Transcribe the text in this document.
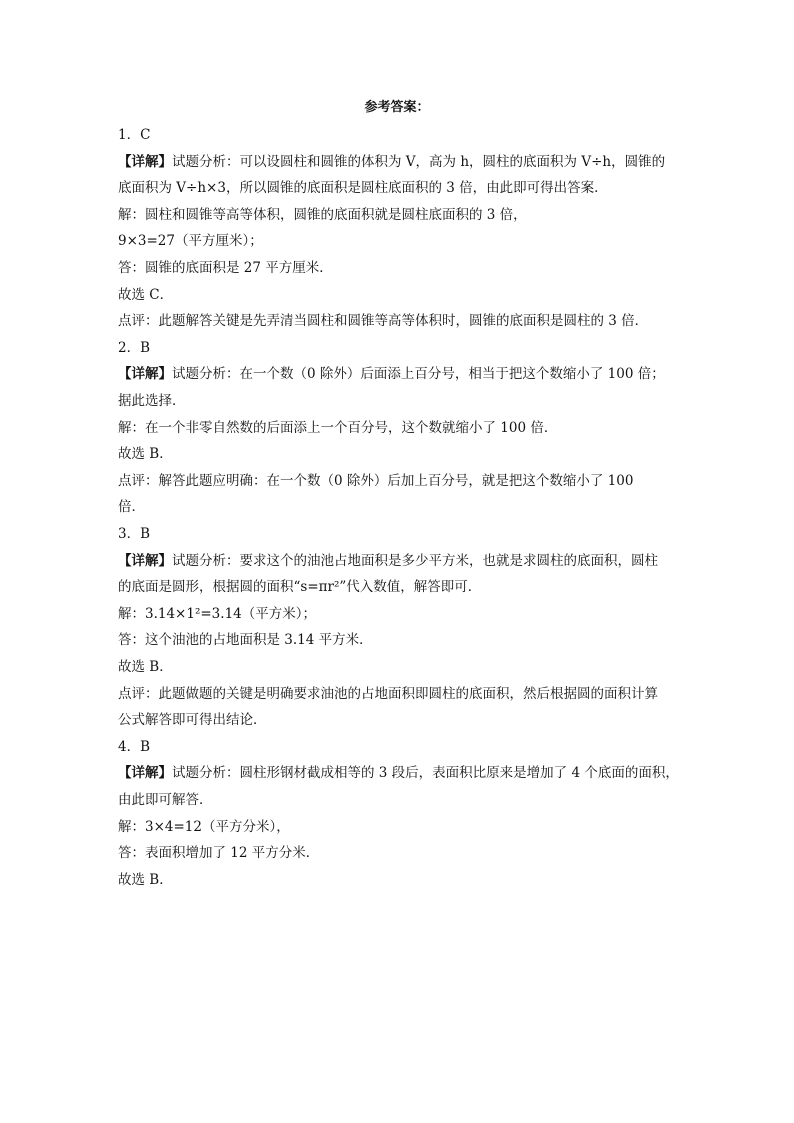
参考答案：
1．C
【详解】试题分析：可以设圆柱和圆锥的体积为 V，高为 h，圆柱的底面积为 V÷h，圆锥的
底面积为 V÷h×3，所以圆锥的底面积是圆柱底面积的 3 倍，由此即可得出答案．
解：圆柱和圆锥等高等体积，圆锥的底面积就是圆柱底面积的 3 倍，
9×3=27（平方厘米）；
答：圆锥的底面积是 27 平方厘米．
故选 C．
点评：此题解答关键是先弄清当圆柱和圆锥等高等体积时，圆锥的底面积是圆柱的 3 倍．
2．B
【详解】试题分析：在一个数（0 除外）后面添上百分号，相当于把这个数缩小了 100 倍；
据此选择．
解：在一个非零自然数的后面添上一个百分号，这个数就缩小了 100 倍．
故选 B．
点评：解答此题应明确：在一个数（0 除外）后加上百分号，就是把这个数缩小了 100
倍．
3．B
【详解】试题分析：要求这个的油池占地面积是多少平方米，也就是求圆柱的底面积，圆柱
的底面是圆形，根据圆的面积“s=πr²”代入数值，解答即可．
解：3.14×1²=3.14（平方米）；
答：这个油池的占地面积是 3.14 平方米．
故选 B．
点评：此题做题的关键是明确要求油池的占地面积即圆柱的底面积，然后根据圆的面积计算
公式解答即可得出结论．
4．B
【详解】试题分析：圆柱形钢材截成相等的 3 段后，表面积比原来是增加了 4 个底面的面积，
由此即可解答．
解：3×4=12（平方分米），
答：表面积增加了 12 平方分米．
故选 B．
